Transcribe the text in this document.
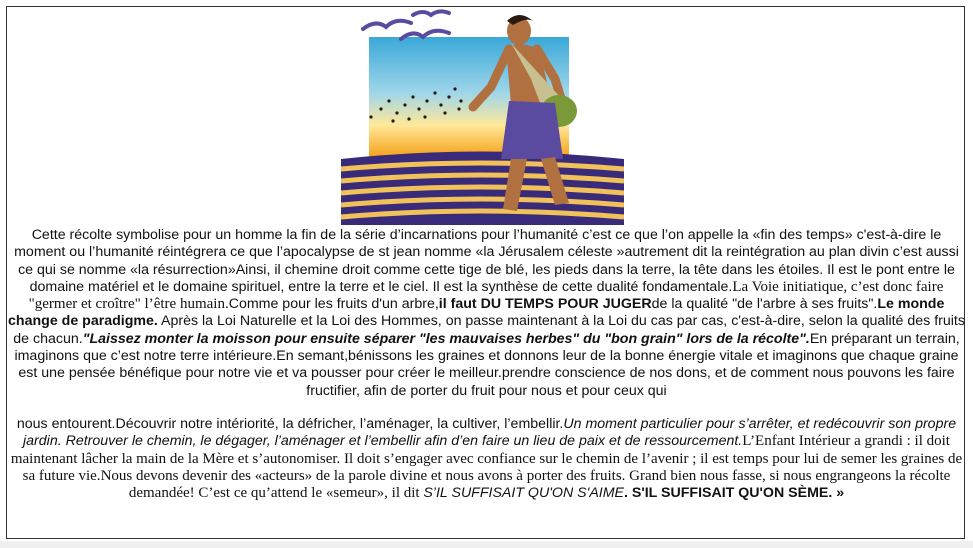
Cette récolte symbolise pour un homme la fin de la série d’incarnations pour l’humanité c’est ce que l’on appelle la «fin des temps» c'est-à-dire le moment ou l’humanité réintégrera ce que l’apocalypse de st jean nomme «la Jérusalem céleste »autrement dit la reintégration au plan divin c’est aussi ce qui se nomme «la résurrection»Ainsi, il chemine droit comme cette tige de blé, les pieds dans la terre, la tête dans les étoiles. Il est le pont entre le domaine matériel et le domaine spirituel, entre la terre et le ciel. Il est la synthèse de cette dualité fondamentale.La Voie initiatique, c’est donc faire "germer et croître" l’être humain.Comme pour les fruits d'un arbre,il faut DU TEMPS POUR JUGERde la qualité "de l'arbre à ses fruits".Le monde change de paradigme. Après la Loi Naturelle et la Loi des Hommes, on passe maintenant à la Loi du cas par cas, c'est-à-dire, selon la qualité des fruits de chacun."Laissez monter la moisson pour ensuite séparer "les mauvaises herbes" du "bon grain" lors de la récolte".En préparant un terrain, imaginons que c’est notre terre intérieure.En semant,bénissons les graines et donnons leur de la bonne énergie vitale et imaginons que chaque graine est une pensée bénéfique pour notre vie et va pousser pour créer le meilleur.prendre conscience de nos dons, et de comment nous pouvons les faire fructifier, afin de porter du fruit pour nous et pour ceux qui

nous entourent.Découvrir notre intériorité, la défricher, l’aménager, la cultiver, l’embellir.Un moment particulier pour s’arrêter, et redécouvrir son propre jardin. Retrouver le chemin, le dégager, l’aménager et l’embellir afin d’en faire un lieu de paix et de ressourcement.L’Enfant Intérieur a grandi : il doit maintenant lâcher la main de la Mère et s’autonomiser. Il doit s’engager avec confiance sur le chemin de l’avenir ; il est temps pour lui de semer les graines de sa future vie.Nous devons devenir des «acteurs» de la parole divine et nous avons à porter des fruits. Grand bien nous fasse, si nous engrangeons la récolte demandée! C’est ce qu’attend le «semeur», il dit S’IL SUFFISAIT QU'ON S'AIME. S'IL SUFFISAIT QU'ON SÈME. »
